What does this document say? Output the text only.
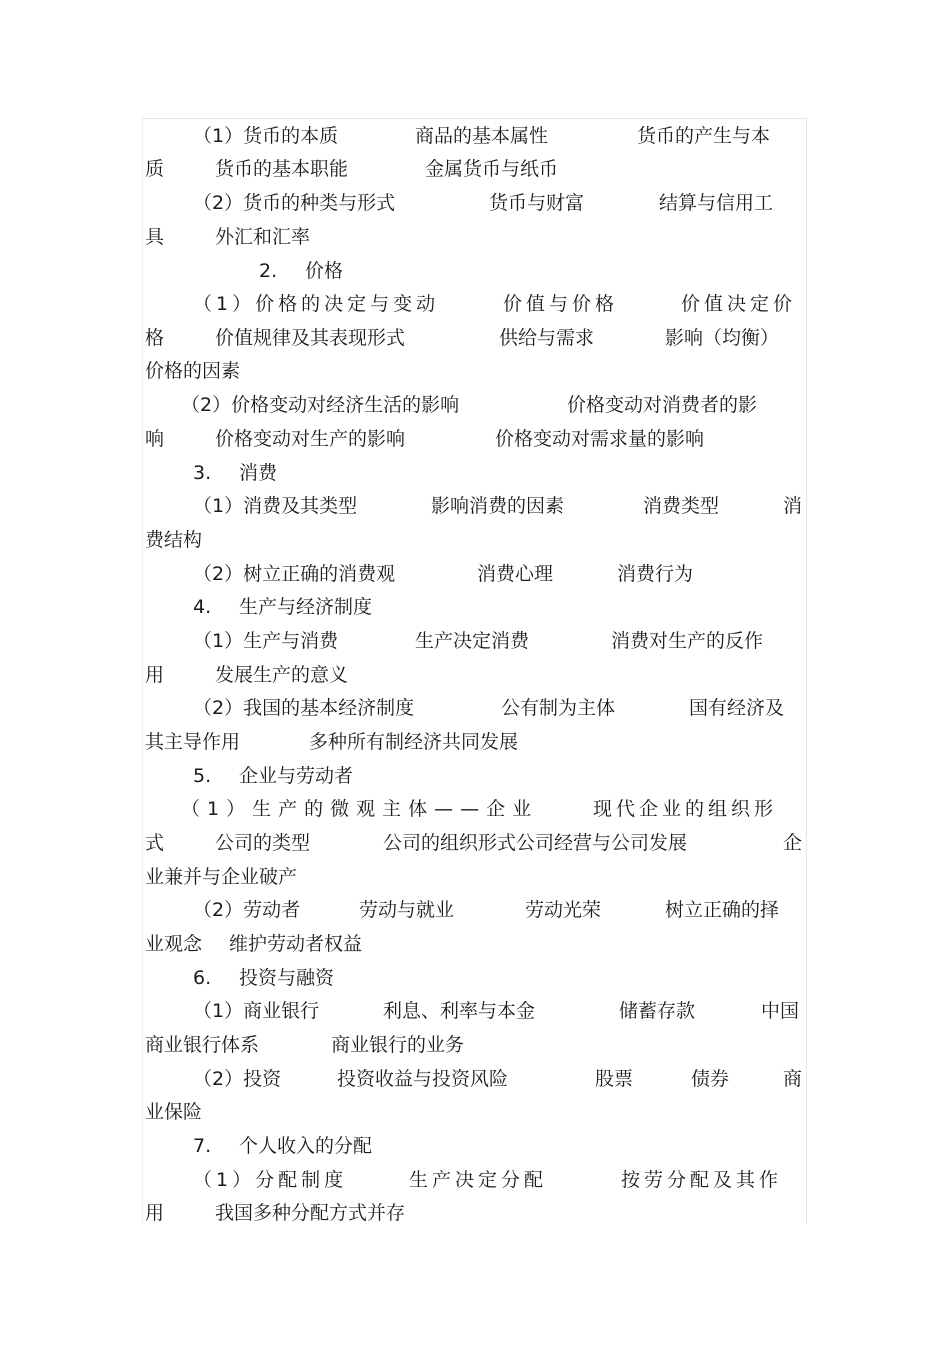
（1）货币的本质	商品的基本属性	货币的产生与本
质	货币的基本职能	金属货币与纸币
（2）货币的种类与形式	货币与财富	结算与信用工
具	外汇和汇率
2. 价格
（1）价格的决定与变动	价值与价格	价值决定价
格	价值规律及其表现形式	供给与需求	影响（均衡）
价格的因素
（2）价格变动对经济生活的影响	价格变动对消费者的影
响	价格变动对生产的影响	价格变动对需求量的影响
3. 消费
（1）消费及其类型	影响消费的因素	消费类型	消
费结构
（2）树立正确的消费观	消费心理	消费行为
4. 生产与经济制度
（1）生产与消费	生产决定消费	消费对生产的反作
用	发展生产的意义
（2）我国的基本经济制度	公有制为主体	国有经济及
其主导作用	多种所有制经济共同发展
5. 企业与劳动者
（1）生产的微观主体——企业	现代企业的组织形
式	公司的类型	公司的组织形式公司经营与公司发展	企
业兼并与企业破产
（2）劳动者	劳动与就业	劳动光荣	树立正确的择
业观念 维护劳动者权益
6. 投资与融资
（1）商业银行	利息、利率与本金	储蓄存款	中国
商业银行体系	商业银行的业务
（2）投资	投资收益与投资风险	股票	债券	商
业保险
7. 个人收入的分配
（1）分配制度	生产决定分配	按劳分配及其作
用	我国多种分配方式并存
